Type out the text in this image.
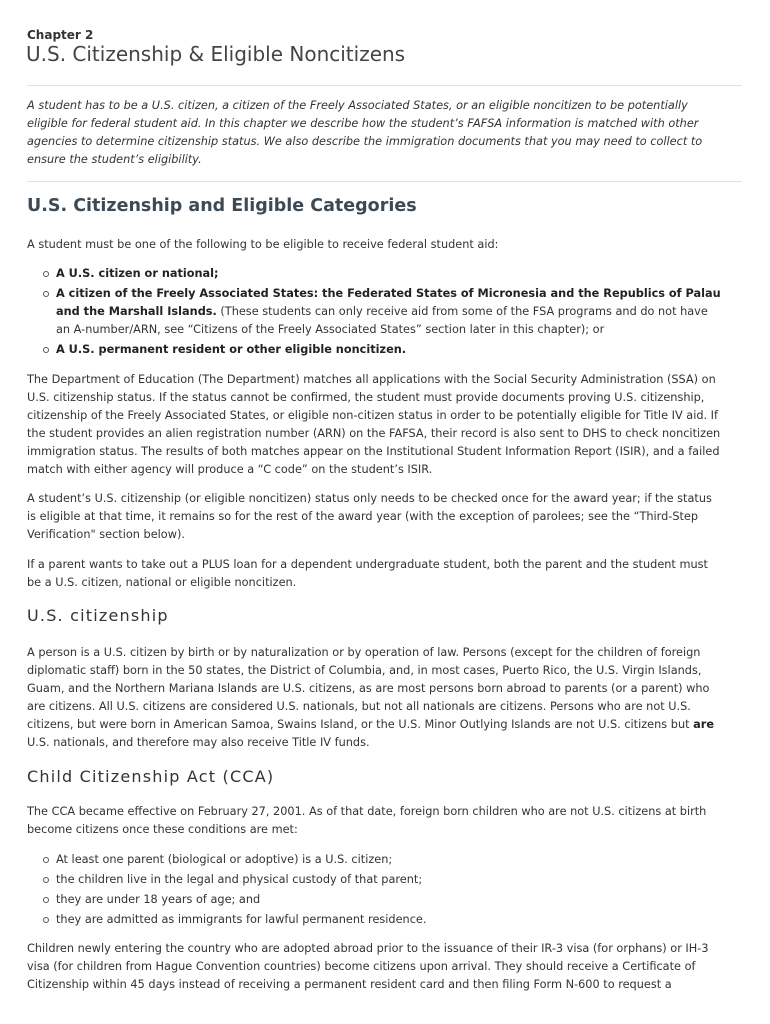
Chapter 2
U.S. Citizenship & Eligible Noncitizens
A student has to be a U.S. citizen, a citizen of the Freely Associated States, or an eligible noncitizen to be potentially
eligible for federal student aid. In this chapter we describe how the student’s FAFSA information is matched with other
agencies to determine citizenship status. We also describe the immigration documents that you may need to collect to
ensure the student’s eligibility.
U.S. Citizenship and Eligible Categories
A student must be one of the following to be eligible to receive federal student aid:
A U.S. citizen or national;
A citizen of the Freely Associated States: the Federated States of Micronesia and the Republics of Palau
and the Marshall Islands. (These students can only receive aid from some of the FSA programs and do not have
an A-number/ARN, see “Citizens of the Freely Associated States” section later in this chapter); or
A U.S. permanent resident or other eligible noncitizen.
The Department of Education (The Department) matches all applications with the Social Security Administration (SSA) on
U.S. citizenship status. If the status cannot be confirmed, the student must provide documents proving U.S. citizenship,
citizenship of the Freely Associated States, or eligible non-citizen status in order to be potentially eligible for Title IV aid. If
the student provides an alien registration number (ARN) on the FAFSA, their record is also sent to DHS to check noncitizen
immigration status. The results of both matches appear on the Institutional Student Information Report (ISIR), and a failed
match with either agency will produce a “C code” on the student’s ISIR.
A student’s U.S. citizenship (or eligible noncitizen) status only needs to be checked once for the award year; if the status
is eligible at that time, it remains so for the rest of the award year (with the exception of parolees; see the “Third-Step
Verification" section below).
If a parent wants to take out a PLUS loan for a dependent undergraduate student, both the parent and the student must
be a U.S. citizen, national or eligible noncitizen.
U.S. citizenship
A person is a U.S. citizen by birth or by naturalization or by operation of law. Persons (except for the children of foreign
diplomatic staff) born in the 50 states, the District of Columbia, and, in most cases, Puerto Rico, the U.S. Virgin Islands,
Guam, and the Northern Mariana Islands are U.S. citizens, as are most persons born abroad to parents (or a parent) who
are citizens. All U.S. citizens are considered U.S. nationals, but not all nationals are citizens. Persons who are not U.S.
citizens, but were born in American Samoa, Swains Island, or the U.S. Minor Outlying Islands are not U.S. citizens but are
U.S. nationals, and therefore may also receive Title IV funds.
Child Citizenship Act (CCA)
The CCA became effective on February 27, 2001. As of that date, foreign born children who are not U.S. citizens at birth
become citizens once these conditions are met:
At least one parent (biological or adoptive) is a U.S. citizen;
the children live in the legal and physical custody of that parent;
they are under 18 years of age; and
they are admitted as immigrants for lawful permanent residence.
Children newly entering the country who are adopted abroad prior to the issuance of their IR-3 visa (for orphans) or IH-3
visa (for children from Hague Convention countries) become citizens upon arrival. They should receive a Certificate of
Citizenship within 45 days instead of receiving a permanent resident card and then filing Form N-600 to request a
